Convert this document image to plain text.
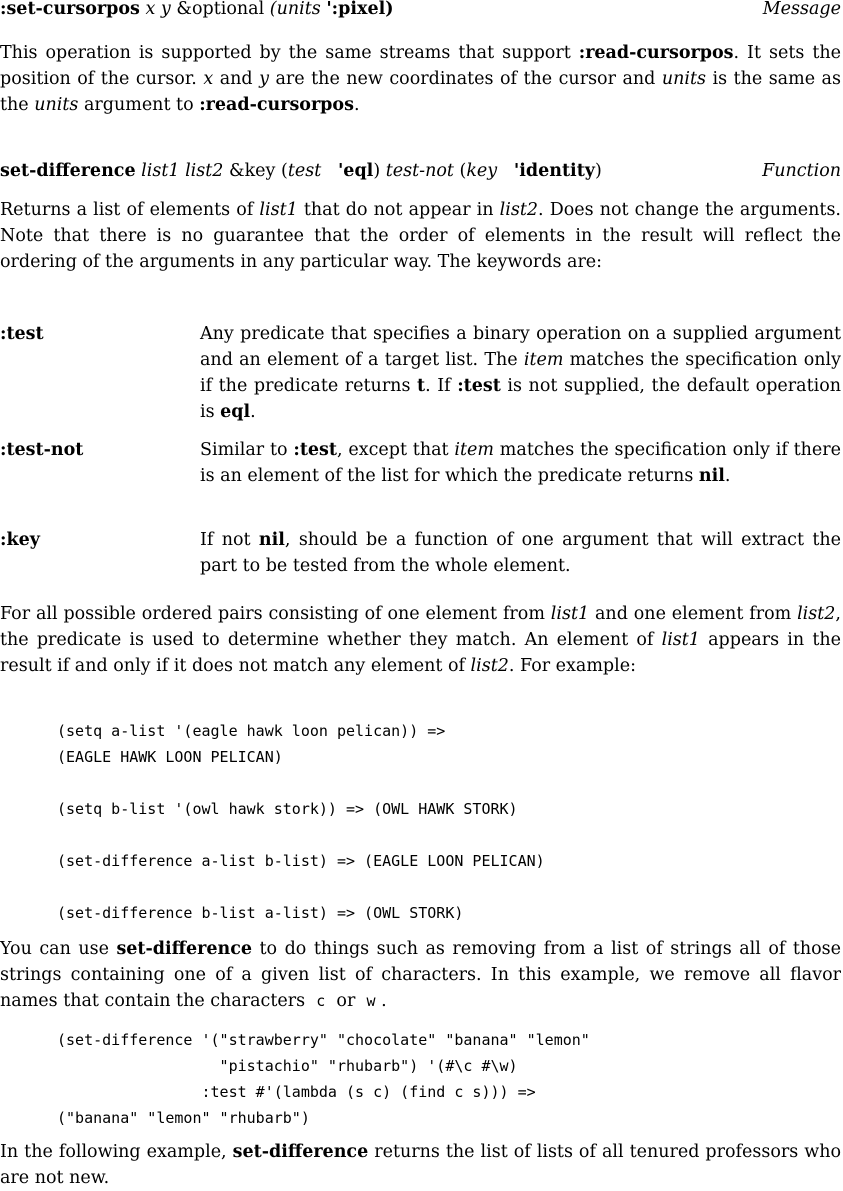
:set-cursorpos x y &optional (units ':pixel)	Message
This operation is supported by the same streams that support :read-cursorpos. It sets the position of the cursor. x and y are the new coordinates of the cursor and units is the same as the units argument to :read-cursorpos.
set-difference list1 list2 &key (test 'eql) test-not (key 'identity)	Function
Returns a list of elements of list1 that do not appear in list2. Does not change the arguments. Note that there is no guarantee that the order of elements in the result will reflect the ordering of the arguments in any particular way. The keywords are:
:test	Any predicate that specifies a binary operation on a supplied argument and an element of a target list. The item matches the specification only if the predicate returns t. If :test is not supplied, the default operation is eql.
:test-not	Similar to :test, except that item matches the specification only if there is an element of the list for which the predicate returns nil.
:key	If not nil, should be a function of one argument that will extract the part to be tested from the whole element.
For all possible ordered pairs consisting of one element from list1 and one element from list2, the predicate is used to determine whether they match. An element of list1 appears in the result if and only if it does not match any element of list2. For example:
(setq a-list '(eagle hawk loon pelican)) =>
(EAGLE HAWK LOON PELICAN)

(setq b-list '(owl hawk stork)) => (OWL HAWK STORK)

(set-difference a-list b-list) => (EAGLE LOON PELICAN)

(set-difference b-list a-list) => (OWL STORK)
You can use set-difference to do things such as removing from a list of strings all of those strings containing one of a given list of characters. In this example, we remove all flavor names that contain the characters  c  or  w .
(set-difference '("strawberry" "chocolate" "banana" "lemon"
"pistachio" "rhubarb") '(#\c #\w)
:test #'(lambda (s c) (find c s))) =>
("banana" "lemon" "rhubarb")
In the following example, set-difference returns the list of lists of all tenured professors who are not new.
